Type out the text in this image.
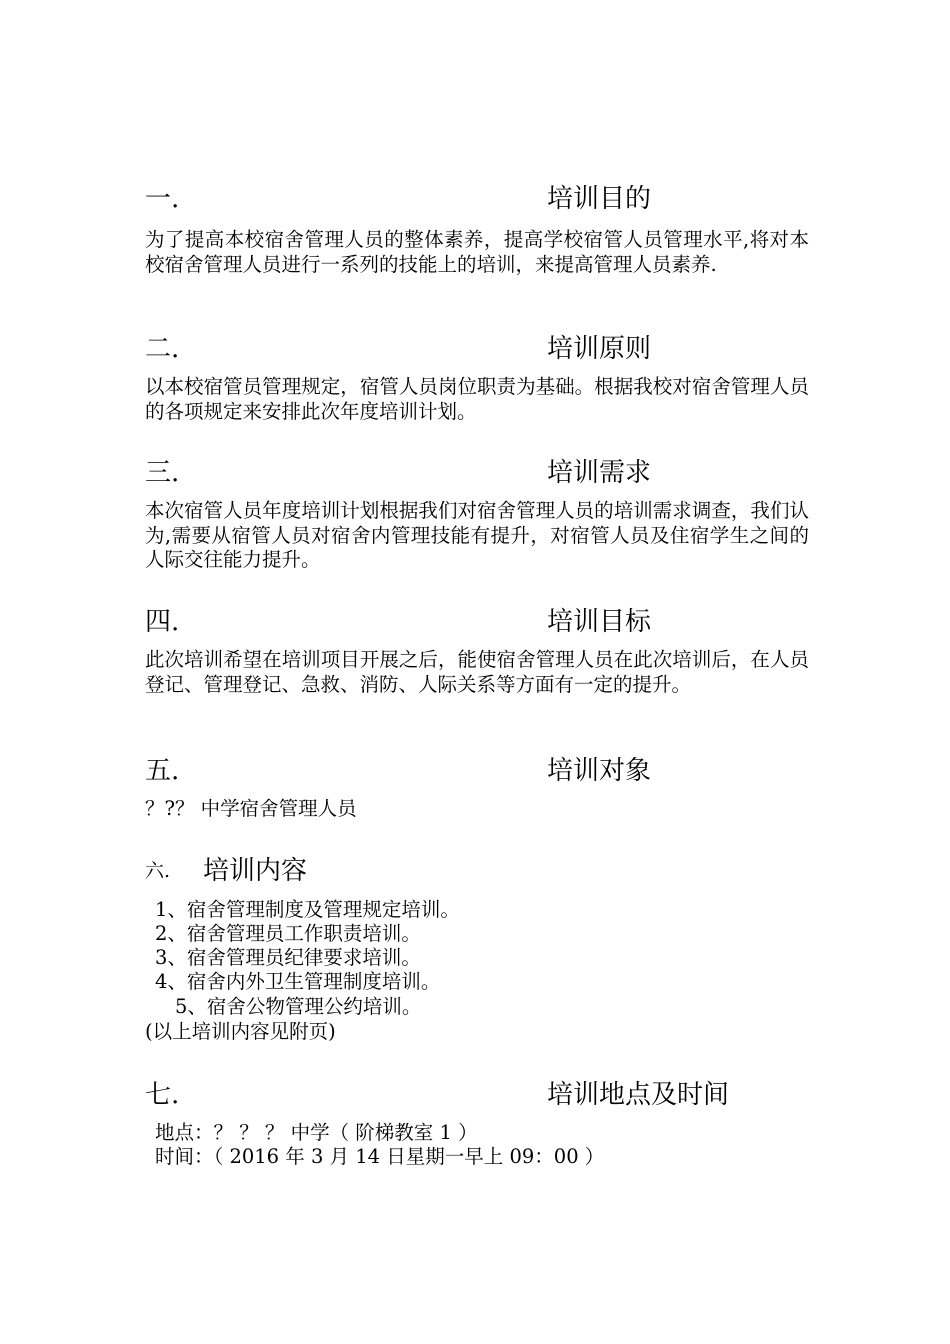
一.	培训目的
为了提高本校宿舍管理人员的整体素养，提高学校宿管人员管理水平,将对本校宿舍管理人员进行一系列的技能上的培训，来提高管理人员素养.
二.	培训原则
以本校宿管员管理规定，宿管人员岗位职责为基础。根据我校对宿舍管理人员的各项规定来安排此次年度培训计划。
三.	培训需求
本次宿管人员年度培训计划根据我们对宿舍管理人员的培训需求调查，我们认为,需要从宿管人员对宿舍内管理技能有提升，对宿管人员及住宿学生之间的人际交往能力提升。
四.	培训目标
此次培训希望在培训项目开展之后，能使宿舍管理人员在此次培训后，在人员登记、管理登记、急救、消防、人际关系等方面有一定的提升。
五.	培训对象
？?？ 中学宿舍管理人员
六. 培训内容
1、宿舍管理制度及管理规定培训。
2、宿舍管理员工作职责培训。
3、宿舍管理员纪律要求培训。
4、宿舍内外卫生管理制度培训。
5、宿舍公物管理公约培训。
(以上培训内容见附页)
七.	培训地点及时间
地点：？ ？ ？ 中学（ 阶梯教室 1 ）
时间：（ 2016 年 3 月 14 日星期一早上 09：00 ）
